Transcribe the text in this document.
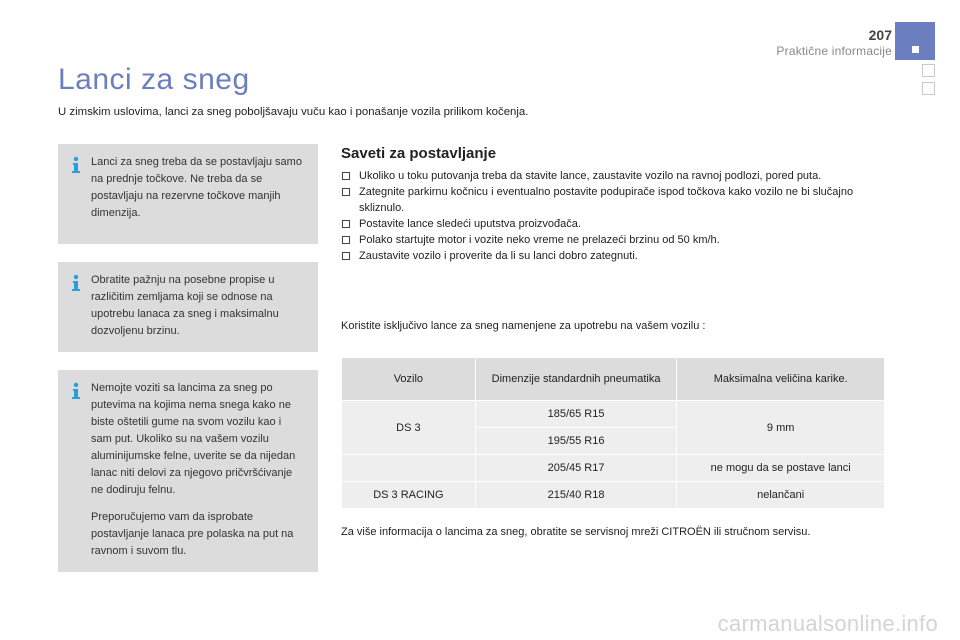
207
Praktične informacije
Lanci za sneg
U zimskim uslovima, lanci za sneg poboljšavaju vuču kao i ponašanje vozila prilikom kočenja.

Lanci za sneg treba da se postavljaju samo na prednje točkove. Ne treba da se postavljaju na rezervne točkove manjih dimenzija.

Obratite pažnju na posebne propise u različitim zemljama koji se odnose na upotrebu lanaca za sneg i maksimalnu dozvoljenu brzinu.

Nemojte voziti sa lancima za sneg po putevima na kojima nema snega kako ne biste oštetili gume na svom vozilu kao i sam put. Ukoliko su na vašem vozilu aluminijumske felne, uverite se da nijedan lanac niti delovi za njegovo pričvršćivanje ne dodiruju felnu.

Preporučujemo vam da isprobate postavljanje lanaca pre polaska na put na ravnom i suvom tlu.

Saveti za postavljanje
Ukoliko u toku putovanja treba da stavite lance, zaustavite vozilo na ravnoj podlozi, pored puta.
Zategnite parkirnu kočnicu i eventualno postavite podupirače ispod točkova kako vozilo ne bi slučajno skliznulo.
Postavite lance sledeći uputstva proizvođača.
Polako startujte motor i vozite neko vreme ne prelazeći brzinu od 50 km/h.
Zaustavite vozilo i proverite da li su lanci dobro zategnuti.
Koristite isključivo lance za sneg namenjene za upotrebu na vašem vozilu :
Vozilo	Dimenzije standardnih pneumatika	Maksimalna veličina karike.
DS 3	185/65 R15	9 mm
	195/55 R16	
	205/45 R17	ne mogu da se postave lanci
DS 3 RACING	215/40 R18	nelančani
Za više informacija o lancima za sneg, obratite se servisnoj mreži CITROËN ili stručnom servisu.
carmanualsonline.info
